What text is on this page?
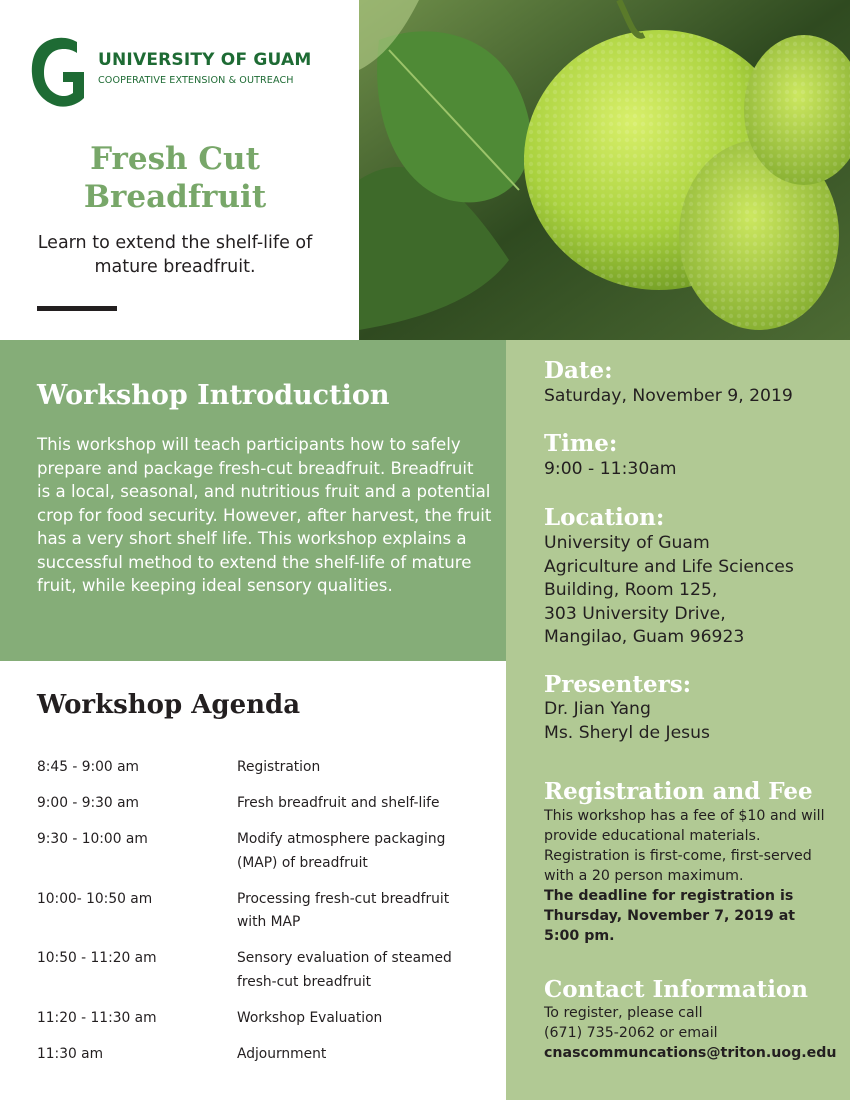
UNIVERSITY OF GUAM
COOPERATIVE EXTENSION & OUTREACH
Fresh Cut
Breadfruit
Learn to extend the shelf-life of mature breadfruit.
Workshop Introduction
This workshop will teach participants how to safely prepare and package fresh-cut breadfruit. Breadfruit is a local, seasonal, and nutritious fruit and a potential crop for food security. However, after harvest, the fruit has a very short shelf life. This workshop explains a successful method to extend the shelf-life of mature fruit, while keeping ideal sensory qualities.
Workshop Agenda
8:45 - 9:00 am	Registration
9:00 - 9:30 am	Fresh breadfruit and shelf-life
9:30 - 10:00 am	Modify atmosphere packaging (MAP) of breadfruit
10:00- 10:50 am	Processing fresh-cut breadfruit with MAP
10:50 - 11:20 am	Sensory evaluation of steamed fresh-cut breadfruit
11:20 - 11:30 am	Workshop Evaluation
11:30 am	Adjournment
Date:
Saturday, November 9, 2019
Time:
9:00 - 11:30am
Location:
University of Guam
Agriculture and Life Sciences
Building, Room 125,
303 University Drive,
Mangilao, Guam 96923
Presenters:
Dr. Jian Yang
Ms. Sheryl de Jesus
Registration and Fee
This workshop has a fee of $10 and will provide educational materials. Registration is first-come, first-served with a 20 person maximum.
The deadline for registration is Thursday, November 7, 2019 at 5:00 pm.
Contact Information
To register, please call
(671) 735-2062 or email
cnascommuncations@triton.uog.edu
